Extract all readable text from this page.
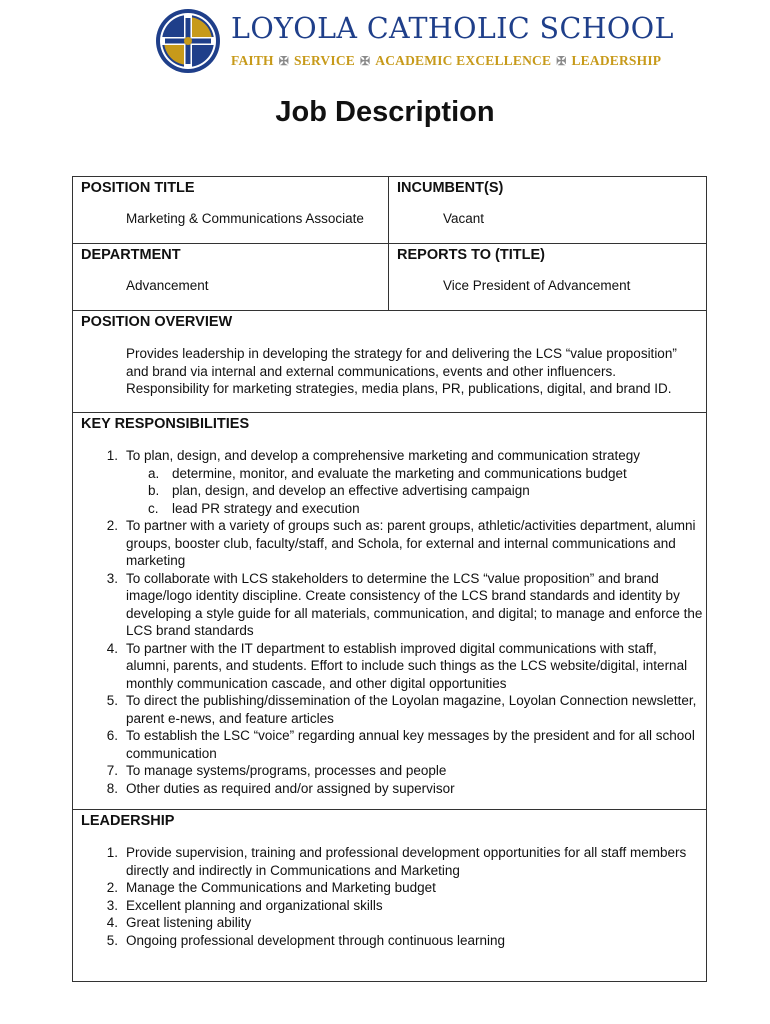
LOYOLA CATHOLIC SCHOOL
FAITH ✠ SERVICE ✠ ACADEMIC EXCELLENCE ✠ LEADERSHIP
Job Description
POSITION TITLE
Marketing & Communications Associate
INCUMBENT(S)
Vacant
DEPARTMENT
Advancement
REPORTS TO (TITLE)
Vice President of Advancement
POSITION OVERVIEW
Provides leadership in developing the strategy for and delivering the LCS “value proposition” and brand via internal and external communications, events and other influencers. Responsibility for marketing strategies, media plans, PR, publications, digital, and brand ID.
KEY RESPONSIBILITIES
1. To plan, design, and develop a comprehensive marketing and communication strategy
a. determine, monitor, and evaluate the marketing and communications budget
b. plan, design, and develop an effective advertising campaign
c. lead PR strategy and execution
2. To partner with a variety of groups such as: parent groups, athletic/activities department, alumni groups, booster club, faculty/staff, and Schola, for external and internal communications and marketing
3. To collaborate with LCS stakeholders to determine the LCS “value proposition” and brand image/logo identity discipline. Create consistency of the LCS brand standards and identity by developing a style guide for all materials, communication, and digital; to manage and enforce the LCS brand standards
4. To partner with the IT department to establish improved digital communications with staff, alumni, parents, and students. Effort to include such things as the LCS website/digital, internal monthly communication cascade, and other digital opportunities
5. To direct the publishing/dissemination of the Loyolan magazine, Loyolan Connection newsletter, parent e-news, and feature articles
6. To establish the LSC “voice” regarding annual key messages by the president and for all school communication
7. To manage systems/programs, processes and people
8. Other duties as required and/or assigned by supervisor
LEADERSHIP
1. Provide supervision, training and professional development opportunities for all staff members directly and indirectly in Communications and Marketing
2. Manage the Communications and Marketing budget
3. Excellent planning and organizational skills
4. Great listening ability
5. Ongoing professional development through continuous learning
